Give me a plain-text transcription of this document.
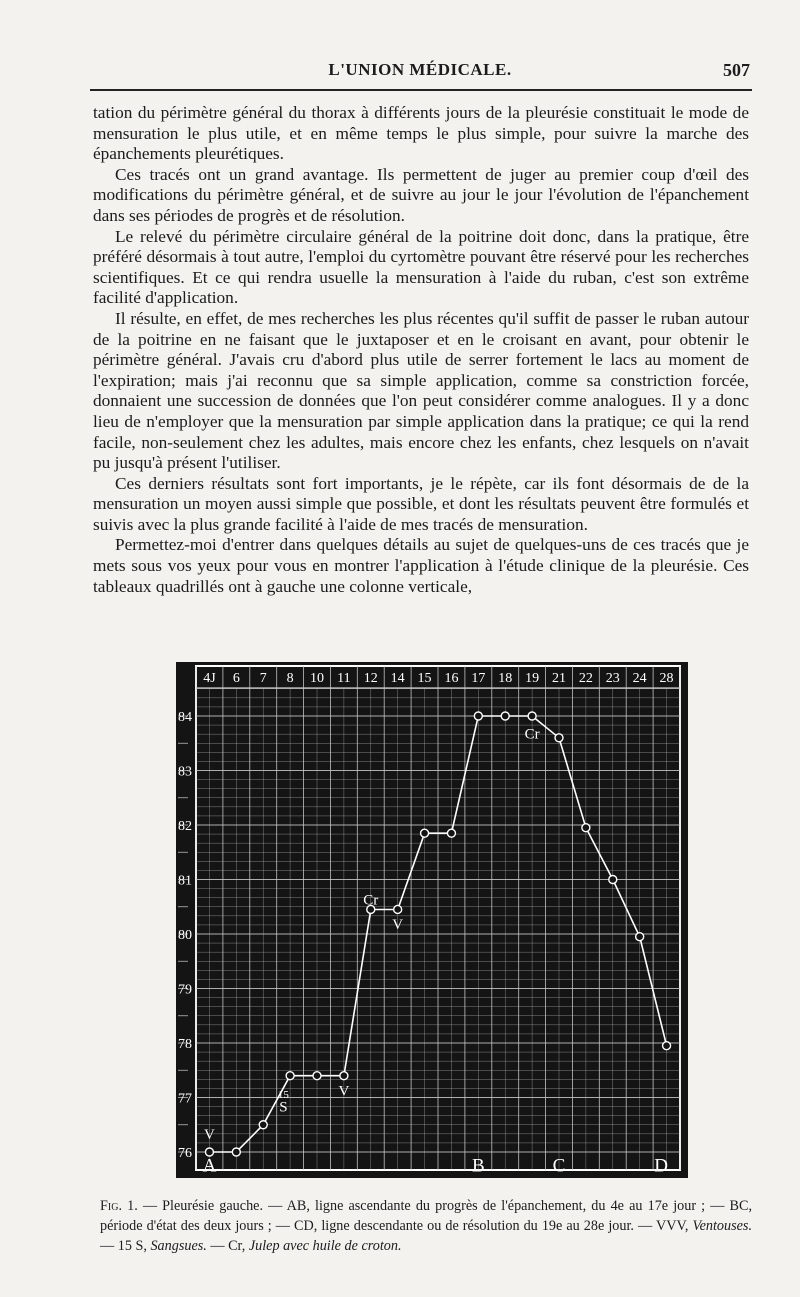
L'UNION MÉDICALE.	507

tation du périmètre général du thorax à différents jours de la pleurésie constituait le mode de mensuration le plus utile, et en même temps le plus simple, pour suivre la marche des épanchements pleurétiques.

Ces tracés ont un grand avantage. Ils permettent de juger au premier coup d'œil des modifications du périmètre général, et de suivre au jour le jour l'évolution de l'épanchement dans ses périodes de progrès et de résolution.

Le relevé du périmètre circulaire général de la poitrine doit donc, dans la pratique, être préféré désormais à tout autre, l'emploi du cyrtomètre pouvant être réservé pour les recherches scientifiques. Et ce qui rendra usuelle la mensuration à l'aide du ruban, c'est son extrême facilité d'application.

Il résulte, en effet, de mes recherches les plus récentes qu'il suffit de passer le ruban autour de la poitrine en ne faisant que le juxtaposer et en le croisant en avant, pour obtenir le périmètre général. J'avais cru d'abord plus utile de serrer fortement le lacs au moment de l'expiration; mais j'ai reconnu que sa simple application, comme sa constriction forcée, donnaient une succession de données que l'on peut considérer comme analogues. Il y a donc lieu de n'employer que la mensuration par simple application dans la pratique; ce qui la rend facile, non-seulement chez les adultes, mais encore chez les enfants, chez lesquels on n'avait pu jusqu'à présent l'utiliser.

Ces derniers résultats sont fort importants, je le répète, car ils font désormais de de la mensuration un moyen aussi simple que possible, et dont les résultats peuvent être formulés et suivis avec la plus grande facilité à l'aide de mes tracés de mensuration.

Permettez-moi d'entrer dans quelques détails au sujet de quelques-uns de ces tracés que je mets sous vos yeux pour vous en montrer l'application à l'étude clinique de la pleurésie. Ces tableaux quadrillés ont à gauche une colonne verticale,

4J 6 7 8 10 11 12 14 15 16 17 18 19 21 22 23 24 28
84
83
82
81
80
79
78
77
76
A
V
S
15	V
Cr
V
Cr
B	C	D

Fig. 1. — Pleurésie gauche. — AB, ligne ascendante du progrès de l'épanchement, du 4e au 17e jour ; — BC, période d'état des deux jours ; — CD, ligne descendante ou de résolution du 19e au 28e jour. — VVV, Ventouses. — 15 S, Sangsues. — Cr, Julep avec huile de croton.
